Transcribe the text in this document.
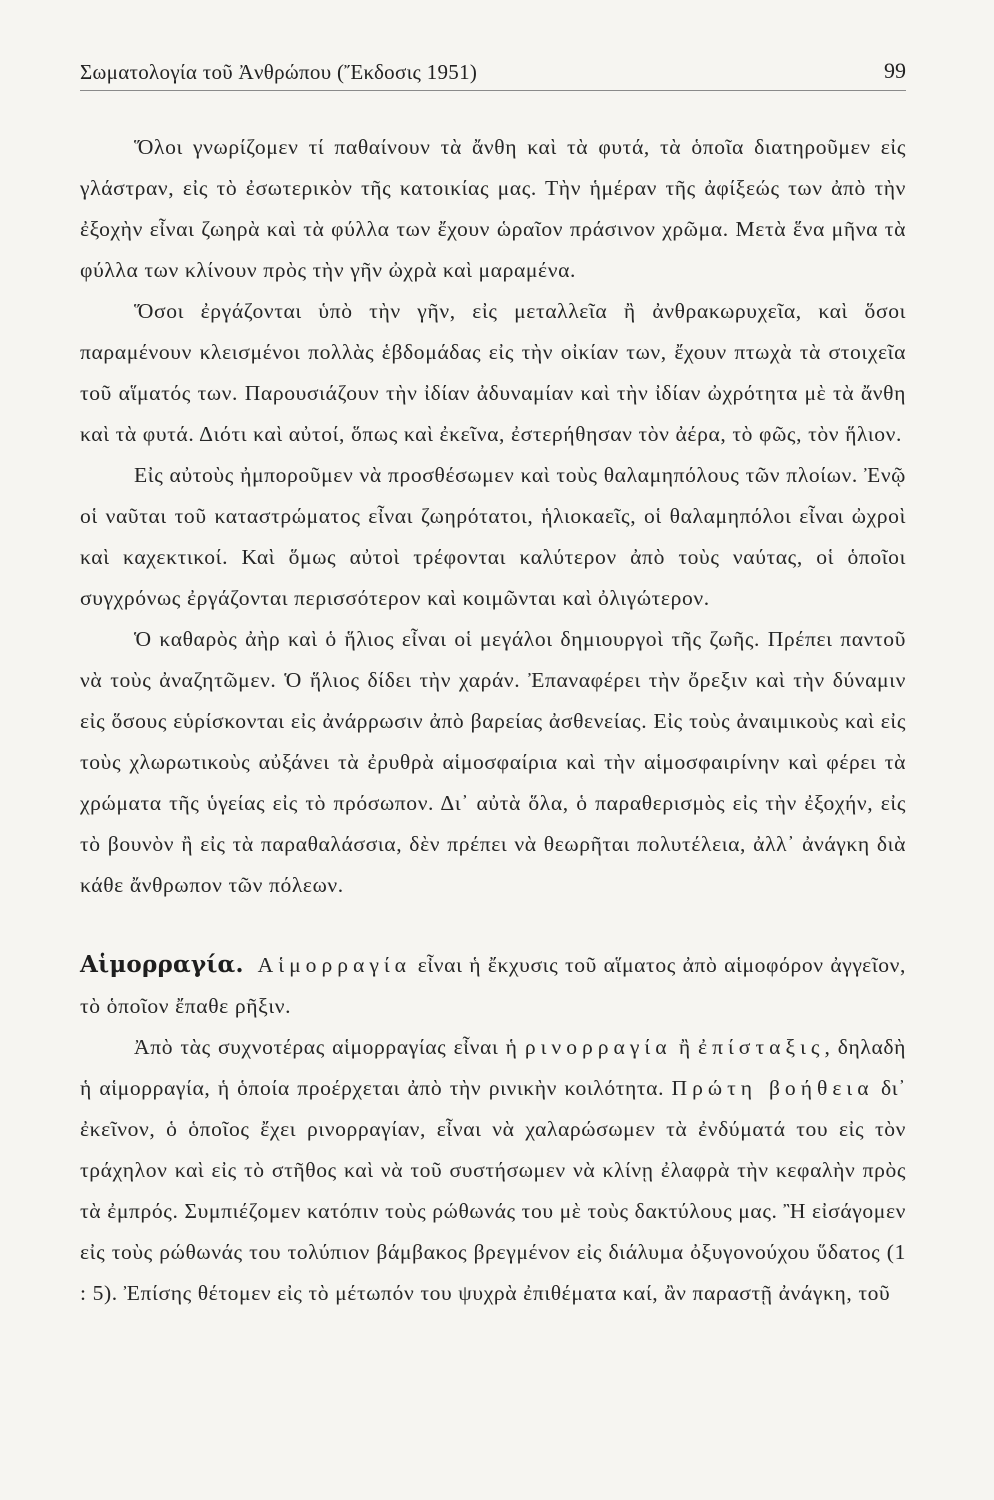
Σωματολογία τοῦ Ἀνθρώπου (Ἔκδοσις 1951)	99

Ὅλοι γνωρίζομεν τί παθαίνουν τὰ ἄνθη καὶ τὰ φυτά, τὰ ὁποῖα διατηροῦμεν εἰς γλάστραν, εἰς τὸ ἐσωτερικὸν τῆς κατοικίας μας. Τὴν ἡμέραν τῆς ἀφίξεώς των ἀπὸ τὴν ἐξοχὴν εἶναι ζωηρὰ καὶ τὰ φύλλα των ἔχουν ὡραῖον πράσινον χρῶμα. Μετὰ ἕνα μῆνα τὰ φύλλα των κλίνουν πρὸς τὴν γῆν ὠχρὰ καὶ μαραμένα.

Ὅσοι ἐργάζονται ὑπὸ τὴν γῆν, εἰς μεταλλεῖα ἢ ἀνθρακωρυχεῖα, καὶ ὅσοι παραμένουν κλεισμένοι πολλὰς ἑβδομάδας εἰς τὴν οἰκίαν των, ἔχουν πτωχὰ τὰ στοιχεῖα τοῦ αἵματός των. Παρουσιάζουν τὴν ἰδίαν ἀδυναμίαν καὶ τὴν ἰδίαν ὠχρότητα μὲ τὰ ἄνθη καὶ τὰ φυτά. Διότι καὶ αὐτοί, ὅπως καὶ ἐκεῖνα, ἐστερήθησαν τὸν ἀέρα, τὸ φῶς, τὸν ἥλιον.

Εἰς αὐτοὺς ἠμποροῦμεν νὰ προσθέσωμεν καὶ τοὺς θαλαμηπόλους τῶν πλοίων. Ἐνῷ οἱ ναῦται τοῦ καταστρώματος εἶναι ζωηρότατοι, ἡλιοκαεῖς, οἱ θαλαμηπόλοι εἶναι ὠχροὶ καὶ καχεκτικοί. Καὶ ὅμως αὐτοὶ τρέφονται καλύτερον ἀπὸ τοὺς ναύτας, οἱ ὁποῖοι συγχρόνως ἐργάζονται περισσότερον καὶ κοιμῶνται καὶ ὀλιγώτερον.

Ὁ καθαρὸς ἀὴρ καὶ ὁ ἥλιος εἶναι οἱ μεγάλοι δημιουργοὶ τῆς ζωῆς. Πρέπει παντοῦ νὰ τοὺς ἀναζητῶμεν. Ὁ ἥλιος δίδει τὴν χαράν. Ἐπαναφέρει τὴν ὄρεξιν καὶ τὴν δύναμιν εἰς ὅσους εὑρίσκονται εἰς ἀνάρρωσιν ἀπὸ βαρείας ἀσθενείας. Εἰς τοὺς ἀναιμικοὺς καὶ εἰς τοὺς χλωρωτικοὺς αὐξάνει τὰ ἐρυθρὰ αἱμοσφαίρια καὶ τὴν αἱμοσφαιρίνην καὶ φέρει τὰ χρώματα τῆς ὑγείας εἰς τὸ πρόσωπον. Δι᾽ αὐτὰ ὅλα, ὁ παραθερισμὸς εἰς τὴν ἐξοχήν, εἰς τὸ βουνὸν ἢ εἰς τὰ παραθαλάσσια, δὲν πρέπει νὰ θεωρῆται πολυτέλεια, ἀλλ᾽ ἀνάγκη διὰ κάθε ἄνθρωπον τῶν πόλεων.

Αἱμορραγία. Αἱμορραγία εἶναι ἡ ἔκχυσις τοῦ αἵματος ἀπὸ αἱμοφόρον ἀγγεῖον, τὸ ὁποῖον ἔπαθε ρῆξιν.

Ἀπὸ τὰς συχνοτέρας αἱμορραγίας εἶναι ἡ ρινορραγία ἢ ἐπίσταξις, δηλαδὴ ἡ αἱμορραγία, ἡ ὁποία προέρχεται ἀπὸ τὴν ρινικὴν κοιλότητα. Πρώτη βοήθεια δι᾽ ἐκεῖνον, ὁ ὁποῖος ἔχει ρινορραγίαν, εἶναι νὰ χαλαρώσωμεν τὰ ἐνδύματά του εἰς τὸν τράχηλον καὶ εἰς τὸ στῆθος καὶ νὰ τοῦ συστήσωμεν νὰ κλίνῃ ἐλαφρὰ τὴν κεφαλὴν πρὸς τὰ ἐμπρός. Συμπιέζομεν κατόπιν τοὺς ρώθωνάς του μὲ τοὺς δακτύλους μας. Ἢ εἰσάγομεν εἰς τοὺς ρώθωνάς του τολύπιον βάμβακος βρεγμένον εἰς διάλυμα ὀξυγονούχου ὕδατος (1 : 5). Ἐπίσης θέτομεν εἰς τὸ μέτωπόν του ψυχρὰ ἐπιθέματα καί, ἂν παραστῇ ἀνάγκη, τοῦ
